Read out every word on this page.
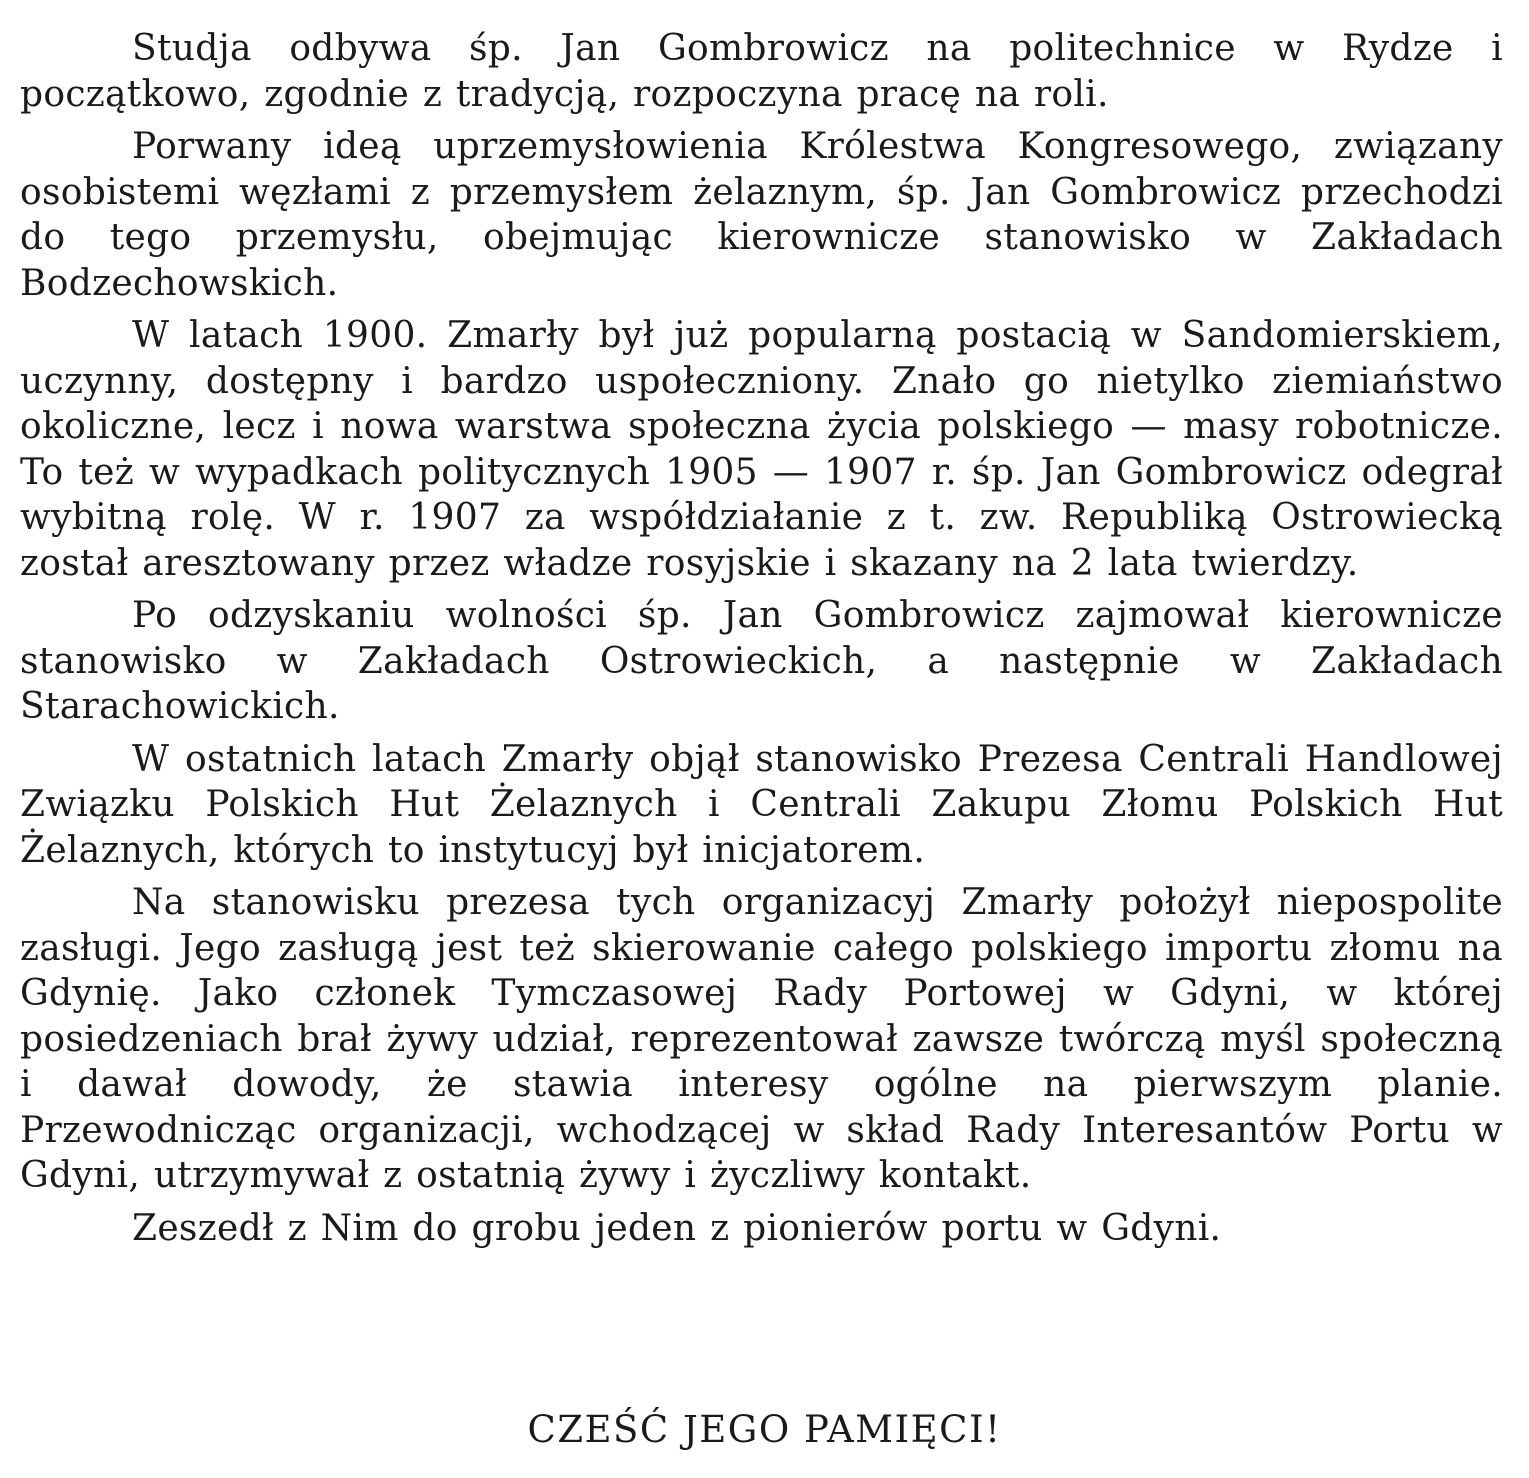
Studja odbywa śp. Jan Gombrowicz na politechnice w Rydze i początkowo, zgodnie z tradycją, rozpoczyna pracę na roli.

Porwany ideą uprzemysłowienia Królestwa Kongresowego, związany osobistemi węzłami z przemysłem żelaznym, śp. Jan Gombrowicz przechodzi do tego przemysłu, obejmując kierownicze stanowisko w Zakładach Bodzechowskich.

W latach 1900. Zmarły był już popularną postacią w Sandomierskiem, uczynny, dostępny i bardzo uspołeczniony. Znało go nietylko ziemiaństwo okoliczne, lecz i nowa warstwa społeczna życia polskiego — masy robotnicze. To też w wypadkach politycznych 1905 — 1907 r. śp. Jan Gombrowicz odegrał wybitną rolę. W r. 1907 za współdziałanie z t. zw. Republiką Ostrowiecką został aresztowany przez władze rosyjskie i skazany na 2 lata twierdzy.

Po odzyskaniu wolności śp. Jan Gombrowicz zajmował kierownicze stanowisko w Zakładach Ostrowieckich, a następnie w Zakładach Starachowickich.

W ostatnich latach Zmarły objął stanowisko Prezesa Centrali Handlowej Związku Polskich Hut Żelaznych i Centrali Zakupu Złomu Polskich Hut Żelaznych, których to instytucyj był inicjatorem.

Na stanowisku prezesa tych organizacyj Zmarły położył niepospolite zasługi. Jego zasługą jest też skierowanie całego polskiego importu złomu na Gdynię. Jako członek Tymczasowej Rady Portowej w Gdyni, w której posiedzeniach brał żywy udział, reprezentował zawsze twórczą myśl społeczną i dawał dowody, że stawia interesy ogólne na pierwszym planie. Przewodnicząc organizacji, wchodzącej w skład Rady Interesantów Portu w Gdyni, utrzymywał z ostatnią żywy i życzliwy kontakt.

Zeszedł z Nim do grobu jeden z pionierów portu w Gdyni.

CZEŚĆ JEGO PAMIĘCI!
